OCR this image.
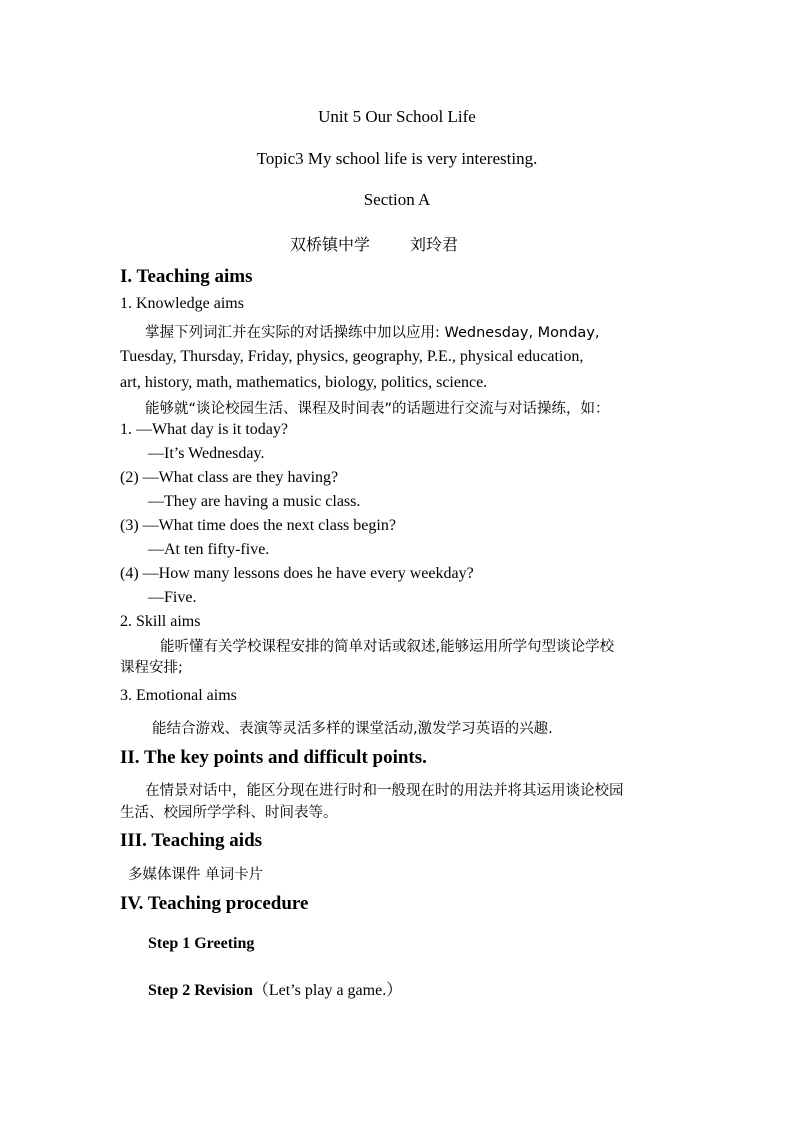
Unit 5 Our School Life
Topic3 My school life is very interesting.
Section A
双桥镇中学 刘玲君
I. Teaching aims
1. Knowledge aims
掌握下列词汇并在实际的对话操练中加以应用: Wednesday, Monday,
Tuesday, Thursday, Friday, physics, geography, P.E., physical education,
art, history, math, mathematics, biology, politics, science.
能够就“谈论校园生活、课程及时间表”的话题进行交流与对话操练，如：
1. —What day is it today?
—It’s Wednesday.
(2) —What class are they having?
—They are having a music class.
(3) —What time does the next class begin?
—At ten fifty-five.
(4) —How many lessons does he have every weekday?
—Five.
2. Skill aims
能听懂有关学校课程安排的简单对话或叙述,能够运用所学句型谈论学校
课程安排;
3. Emotional aims
能结合游戏、表演等灵活多样的课堂活动,激发学习英语的兴趣.
II. The key points and difficult points.
在情景对话中，能区分现在进行时和一般现在时的用法并将其运用谈论校园
生活、校园所学学科、时间表等。
III. Teaching aids
多媒体课件 单词卡片
IV. Teaching procedure
Step 1 Greeting
Step 2 Revision（Let’s play a game.）
